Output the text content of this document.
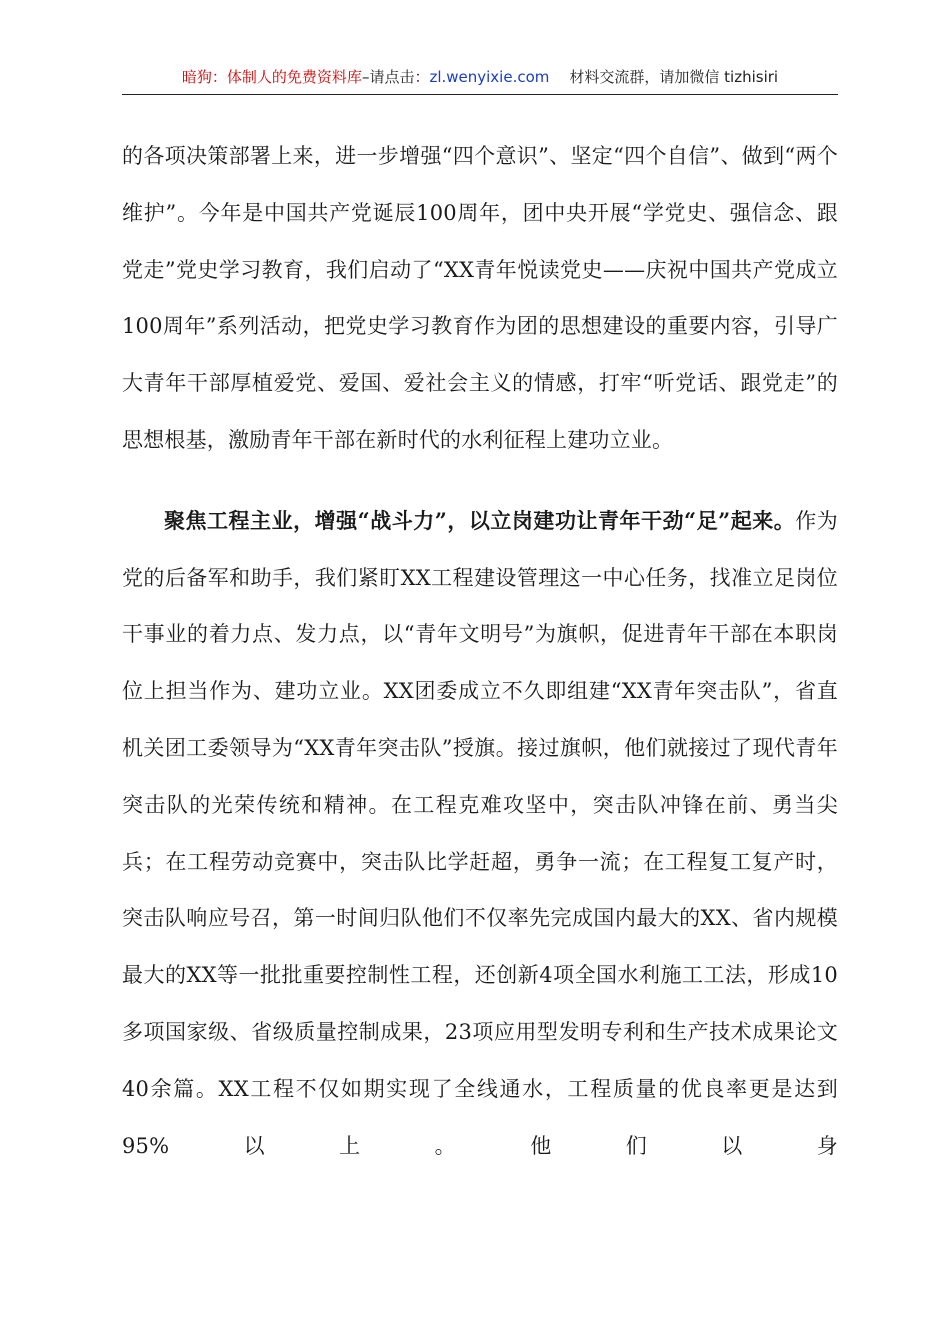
暗狗：体制人的免费资料库–请点击：zl.wenyixie.com 材料交流群，请加微信 tizhisiri

的各项决策部署上来，进一步增强“四个意识”、坚定“四个自信”、做到“两个维护”。今年是中国共产党诞辰100周年，团中央开展“学党史、强信念、跟党走”党史学习教育，我们启动了“XX青年悦读党史——庆祝中国共产党成立100周年”系列活动，把党史学习教育作为团的思想建设的重要内容，引导广大青年干部厚植爱党、爱国、爱社会主义的情感，打牢“听党话、跟党走”的思想根基，激励青年干部在新时代的水利征程上建功立业。

聚焦工程主业，增强“战斗力”，以立岗建功让青年干劲“足”起来。作为党的后备军和助手，我们紧盯XX工程建设管理这一中心任务，找准立足岗位干事业的着力点、发力点，以“青年文明号”为旗帜，促进青年干部在本职岗位上担当作为、建功立业。XX团委成立不久即组建“XX青年突击队”，省直机关团工委领导为“XX青年突击队”授旗。接过旗帜，他们就接过了现代青年突击队的光荣传统和精神。在工程克难攻坚中，突击队冲锋在前、勇当尖兵；在工程劳动竞赛中，突击队比学赶超，勇争一流；在工程复工复产时，突击队响应号召，第一时间归队他们不仅率先完成国内最大的XX、省内规模最大的XX等一批批重要控制性工程，还创新4项全国水利施工工法，形成10多项国家级、省级质量控制成果，23项应用型发明专利和生产技术成果论文40余篇。XX工程不仅如期实现了全线通水，工程质量的优良率更是达到95%以上。他们以身
